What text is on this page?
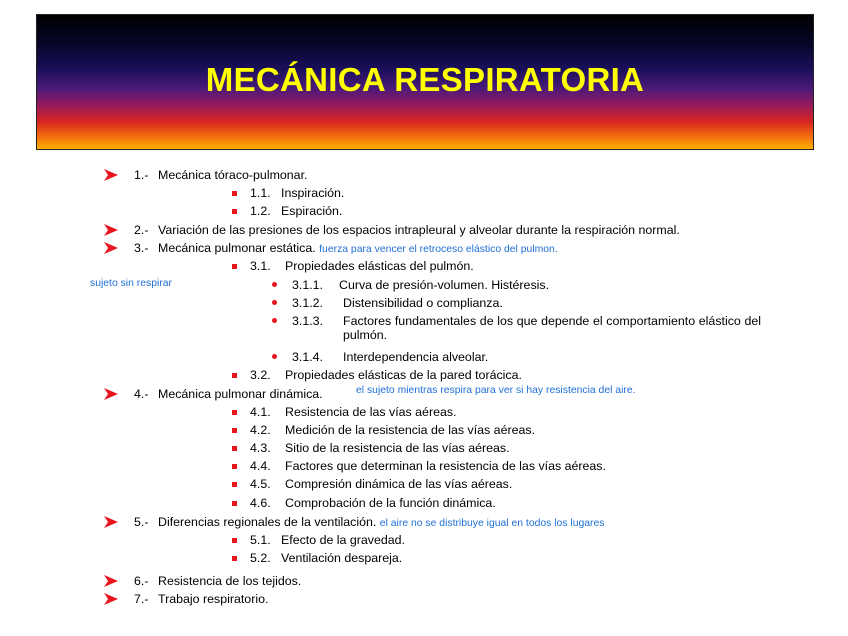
MECÁNICA RESPIRATORIA
1.- Mecánica tóraco-pulmonar.
1.1. Inspiración.
1.2. Espiración.
2.- Variación de las presiones de los espacios intrapleural y alveolar durante la respiración normal.
3.- Mecánica pulmonar estática. fuerza para vencer el retroceso elástico del pulmon.
3.1. Propiedades elásticas del pulmón.
sujeto sin respirar	3.1.1. Curva de presión-volumen. Histéresis.
3.1.2. Distensibilidad o complianza.
3.1.3. Factores fundamentales de los que depende el comportamiento elástico del pulmón.
3.1.4. Interdependencia alveolar.
3.2. Propiedades elásticas de la pared torácica.
4.- Mecánica pulmonar dinámica.	el sujeto mientras respira para ver si hay resistencia del aire.
4.1. Resistencia de las vías aéreas.
4.2. Medición de la resistencia de las vías aéreas.
4.3. Sitio de la resistencia de las vías aéreas.
4.4. Factores que determinan la resistencia de las vías aéreas.
4.5. Compresión dinámica de las vías aéreas.
4.6. Comprobación de la función dinámica.
5.- Diferencias regionales de la ventilación. el aire no se distribuye igual en todos los lugares
5.1. Efecto de la gravedad.
5.2. Ventilación despareja.
6.- Resistencia de los tejidos.
7.- Trabajo respiratorio.
